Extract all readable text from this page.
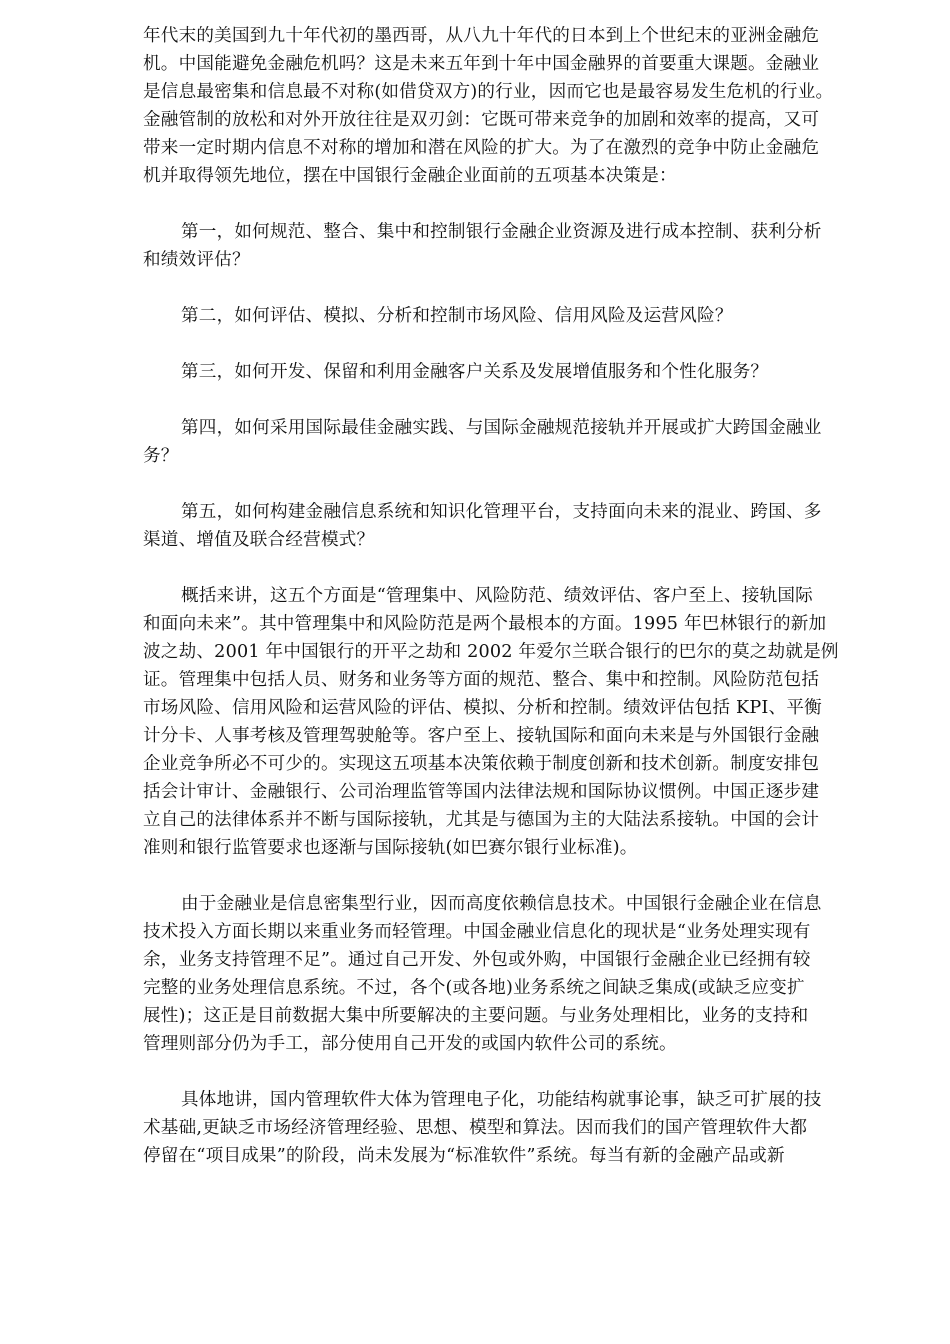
年代末的美国到九十年代初的墨西哥，从八九十年代的日本到上个世纪末的亚洲金融危
机。中国能避免金融危机吗？这是未来五年到十年中国金融界的首要重大课题。金融业
是信息最密集和信息最不对称(如借贷双方)的行业，因而它也是最容易发生危机的行业。
金融管制的放松和对外开放往往是双刃剑：它既可带来竞争的加剧和效率的提高，又可
带来一定时期内信息不对称的增加和潜在风险的扩大。为了在激烈的竞争中防止金融危
机并取得领先地位，摆在中国银行金融企业面前的五项基本决策是：
第一，如何规范、整合、集中和控制银行金融企业资源及进行成本控制、获利分析
和绩效评估？
第二，如何评估、模拟、分析和控制市场风险、信用风险及运营风险？
第三，如何开发、保留和利用金融客户关系及发展增值服务和个性化服务？
第四，如何采用国际最佳金融实践、与国际金融规范接轨并开展或扩大跨国金融业
务？
第五，如何构建金融信息系统和知识化管理平台，支持面向未来的混业、跨国、多
渠道、增值及联合经营模式？
概括来讲，这五个方面是“管理集中、风险防范、绩效评估、客户至上、接轨国际
和面向未来”。其中管理集中和风险防范是两个最根本的方面。1995 年巴林银行的新加
波之劫、2001 年中国银行的开平之劫和 2002 年爱尔兰联合银行的巴尔的莫之劫就是例
证。管理集中包括人员、财务和业务等方面的规范、整合、集中和控制。风险防范包括
市场风险、信用风险和运营风险的评估、模拟、分析和控制。绩效评估包括 KPI、平衡
计分卡、人事考核及管理驾驶舱等。客户至上、接轨国际和面向未来是与外国银行金融
企业竞争所必不可少的。实现这五项基本决策依赖于制度创新和技术创新。制度安排包
括会计审计、金融银行、公司治理监管等国内法律法规和国际协议惯例。中国正逐步建
立自己的法律体系并不断与国际接轨，尤其是与德国为主的大陆法系接轨。中国的会计
准则和银行监管要求也逐渐与国际接轨(如巴赛尔银行业标准)。
由于金融业是信息密集型行业，因而高度依赖信息技术。中国银行金融企业在信息
技术投入方面长期以来重业务而轻管理。中国金融业信息化的现状是“业务处理实现有
余，业务支持管理不足”。通过自己开发、外包或外购，中国银行金融企业已经拥有较
完整的业务处理信息系统。不过，各个(或各地)业务系统之间缺乏集成(或缺乏应变扩
展性)；这正是目前数据大集中所要解决的主要问题。与业务处理相比，业务的支持和
管理则部分仍为手工，部分使用自己开发的或国内软件公司的系统。
具体地讲，国内管理软件大体为管理电子化，功能结构就事论事，缺乏可扩展的技
术基础,更缺乏市场经济管理经验、思想、模型和算法。因而我们的国产管理软件大都
停留在“项目成果”的阶段，尚未发展为“标准软件”系统。每当有新的金融产品或新
